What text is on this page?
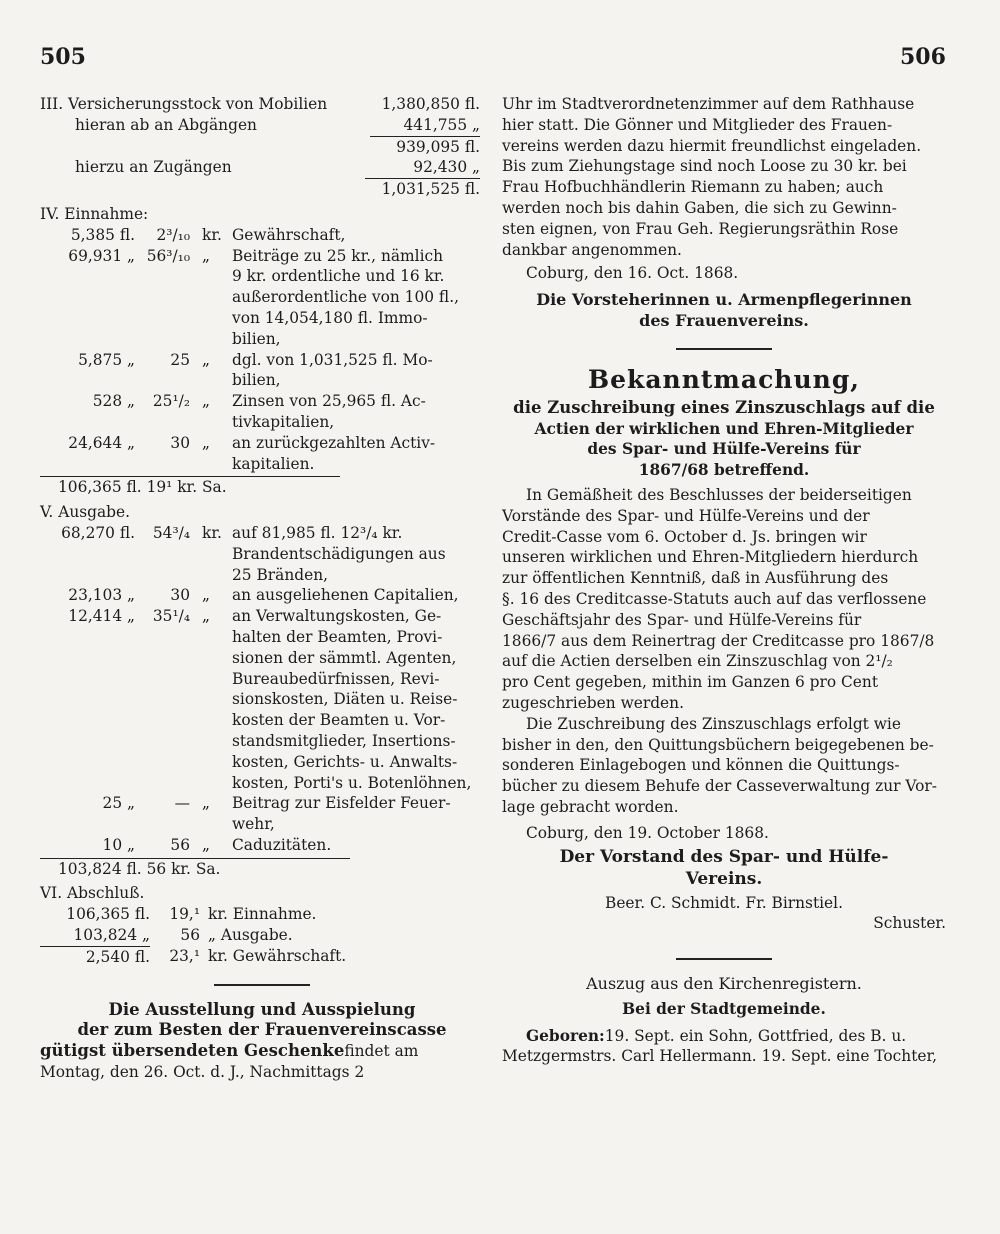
505	506
III. Versicherungsstock von Mobilien	1,380,850 fl.
hieran ab an Abgängen	441,755 „
939,095 fl.
hierzu an Zugängen	92,430 „
1,031,525 fl.
IV. Einnahme:
5,385 fl.	2³/₁₀ kr. Gewährschaft,
69,931 „ 56³/₁₀ „	Beiträge zu 25 kr., nämlich
9 kr. ordentliche und 16 kr.
außerordentliche von 100 fl.,
von 14,054,180 fl. Immo-
bilien,
5,875 „	25 „	dgl. von 1,031,525 fl. Mo-
bilien,
528 „	25¹/₂ „	Zinsen von 25,965 fl. Ac-
tivkapitalien,
24,644 „	30 „	an zurückgezahlten Activ-
kapitalien.
106,365 fl. 19¹ kr. Sa.
V. Ausgabe.
68,270 fl.	54³/₄ kr. auf 81,985 fl. 12³/₄ kr.
Brandentschädigungen aus
25 Bränden,
23,103 „	30 „	an ausgeliehenen Capitalien,
12,414 „	35¹/₄ „	an Verwaltungskosten, Ge-
halten der Beamten, Provi-
sionen der sämmtl. Agenten,
Bureaubedürfnissen, Revi-
sionskosten, Diäten u. Reise-
kosten der Beamten u. Vor-
standsmitglieder, Insertions-
kosten, Gerichts- u. Anwalts-
kosten, Porti's u. Botenlöhnen,
25 „	— „	Beitrag zur Eisfelder Feuer-
wehr,
10 „	56 „	Caduzitäten.
103,824 fl. 56 kr. Sa.
VI. Abschluß.
106,365 fl.	19,¹ kr. Einnahme.
103,824 „	56 „ Ausgabe.
2,540 fl.	23,¹ kr. Gewährschaft.
Die Ausstellung und Ausspielung
der zum Besten der Frauenvereinscasse
gütigst übersendeten Geschenke findet am
Montag, den 26. Oct. d. J., Nachmittags 2
Uhr im Stadtverordnetenzimmer auf dem Rathhause
hier statt. Die Gönner und Mitglieder des Frauen-
vereins werden dazu hiermit freundlichst eingeladen.
Bis zum Ziehungstage sind noch Loose zu 30 kr. bei
Frau Hofbuchhändlerin Riemann zu haben; auch
werden noch bis dahin Gaben, die sich zu Gewinn-
sten eignen, von Frau Geh. Regierungsräthin Rose
dankbar angenommen.
Coburg, den 16. Oct. 1868.
Die Vorsteherinnen u. Armenpflegerinnen
des Frauenvereins.
Bekanntmachung,
die Zuschreibung eines Zinszuschlags auf die
Actien der wirklichen und Ehren-Mitglieder
des Spar- und Hülfe-Vereins für
1867/68 betreffend.
In Gemäßheit des Beschlusses der beiderseitigen
Vorstände des Spar- und Hülfe-Vereins und der
Credit-Casse vom 6. October d. Js. bringen wir
unseren wirklichen und Ehren-Mitgliedern hierdurch
zur öffentlichen Kenntniß, daß in Ausführung des
§. 16 des Creditcasse-Statuts auch auf das verflossene
Geschäftsjahr des Spar- und Hülfe-Vereins für
1866/7 aus dem Reinertrag der Creditcasse pro 1867/8
auf die Actien derselben ein Zinszuschlag von 2¹/₂
pro Cent gegeben, mithin im Ganzen 6 pro Cent
zugeschrieben werden.
Die Zuschreibung des Zinszuschlags erfolgt wie
bisher in den, den Quittungsbüchern beigegebenen be-
sonderen Einlagebogen und können die Quittungs-
bücher zu diesem Behufe der Casseverwaltung zur Vor-
lage gebracht worden.
Coburg, den 19. October 1868.
Der Vorstand des Spar- und Hülfe-
Vereins.
Beer. C. Schmidt. Fr. Birnstiel.
Schuster.
Auszug aus den Kirchenregistern.
Bei der Stadtgemeinde.
Geboren: 19. Sept. ein Sohn, Gottfried, des B. u.
Metzgermstrs. Carl Hellermann. 19. Sept. eine Tochter,
